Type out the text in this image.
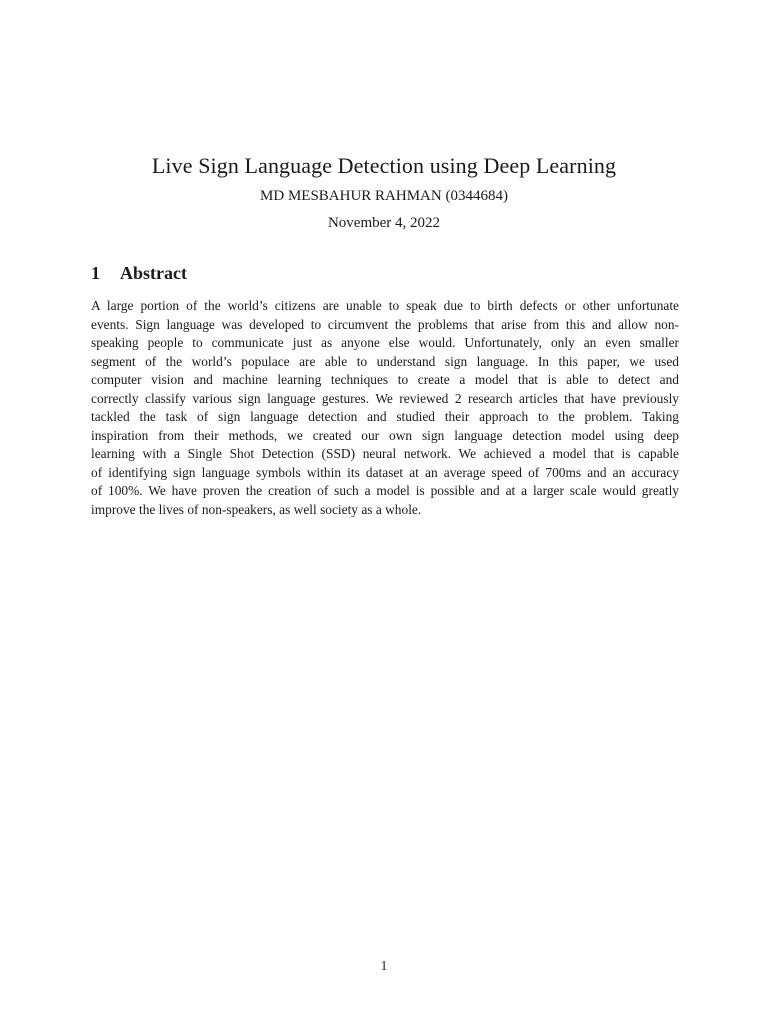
Live Sign Language Detection using Deep Learning
MD MESBAHUR RAHMAN (0344684)
November 4, 2022
1	Abstract
A large portion of the world’s citizens are unable to speak due to birth defects or other unfortunate
events. Sign language was developed to circumvent the problems that arise from this and allow non-
speaking people to communicate just as anyone else would. Unfortunately, only an even smaller
segment of the world’s populace are able to understand sign language. In this paper, we used
computer vision and machine learning techniques to create a model that is able to detect and
correctly classify various sign language gestures. We reviewed 2 research articles that have previously
tackled the task of sign language detection and studied their approach to the problem. Taking
inspiration from their methods, we created our own sign language detection model using deep
learning with a Single Shot Detection (SSD) neural network. We achieved a model that is capable
of identifying sign language symbols within its dataset at an average speed of 700ms and an accuracy
of 100%. We have proven the creation of such a model is possible and at a larger scale would greatly
improve the lives of non-speakers, as well society as a whole.
1
